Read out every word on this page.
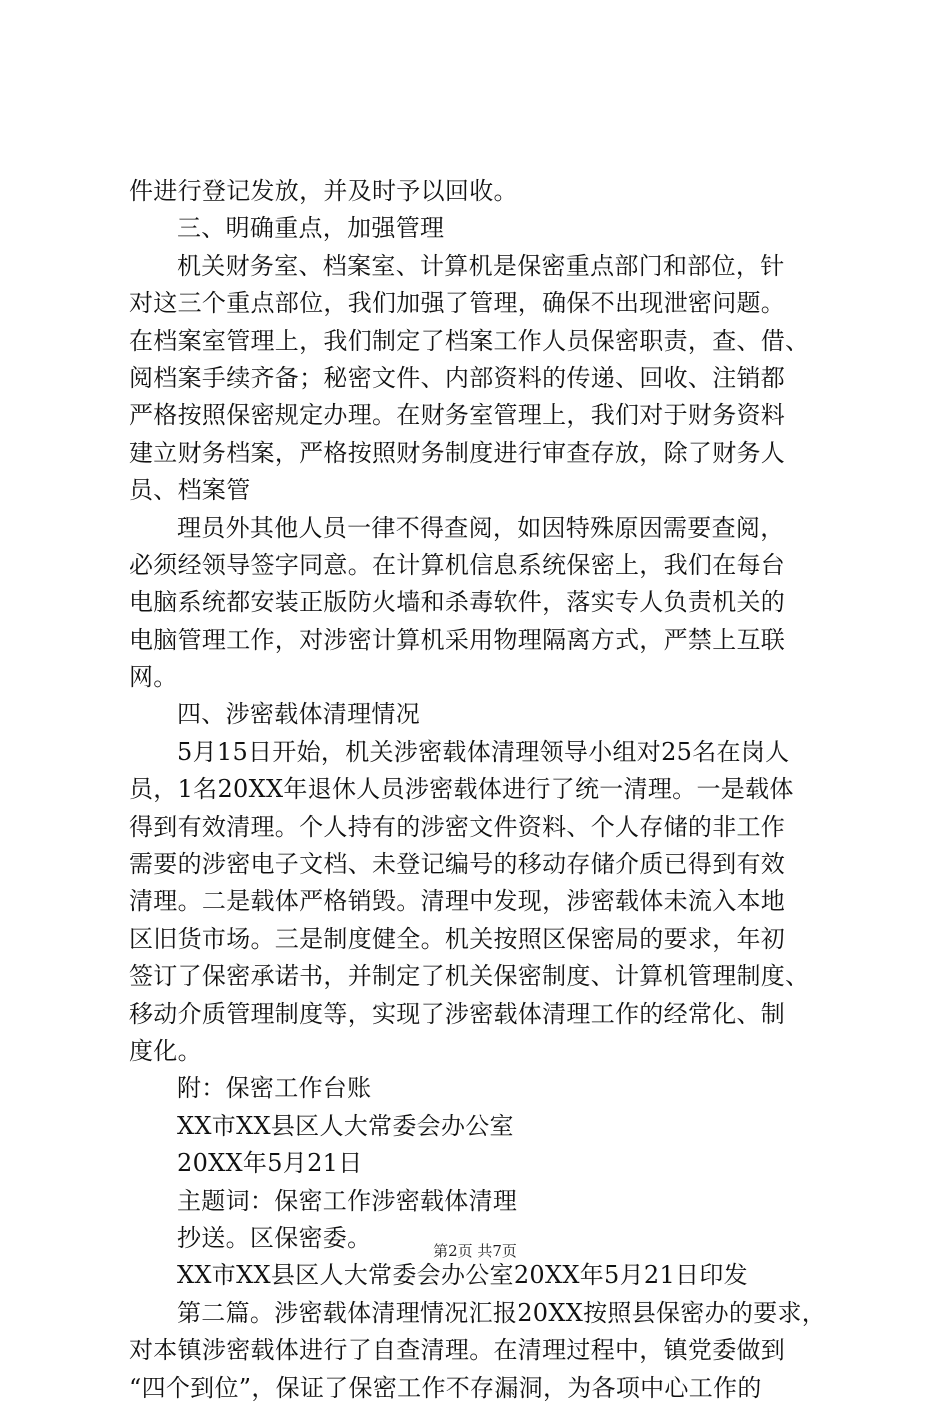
件进行登记发放，并及时予以回收。
三、明确重点，加强管理
机关财务室、档案室、计算机是保密重点部门和部位，针
对这三个重点部位，我们加强了管理，确保不出现泄密问题。
在档案室管理上，我们制定了档案工作人员保密职责，查、借、
阅档案手续齐备；秘密文件、内部资料的传递、回收、注销都
严格按照保密规定办理。在财务室管理上，我们对于财务资料
建立财务档案，严格按照财务制度进行审查存放，除了财务人
员、档案管
理员外其他人员一律不得查阅，如因特殊原因需要查阅，
必须经领导签字同意。在计算机信息系统保密上，我们在每台
电脑系统都安装正版防火墙和杀毒软件，落实专人负责机关的
电脑管理工作，对涉密计算机采用物理隔离方式，严禁上互联
网。
四、涉密载体清理情况
5月15日开始，机关涉密载体清理领导小组对25名在岗人
员，1名20XX年退休人员涉密载体进行了统一清理。一是载体
得到有效清理。个人持有的涉密文件资料、个人存储的非工作
需要的涉密电子文档、未登记编号的移动存储介质已得到有效
清理。二是载体严格销毁。清理中发现，涉密载体未流入本地
区旧货市场。三是制度健全。机关按照区保密局的要求，年初
签订了保密承诺书，并制定了机关保密制度、计算机管理制度、
移动介质管理制度等，实现了涉密载体清理工作的经常化、制
度化。
附：保密工作台账
XX市XX县区人大常委会办公室
20XX年5月21日
主题词：保密工作涉密载体清理
抄送。区保密委。
XX市XX县区人大常委会办公室20XX年5月21日印发
第二篇。涉密载体清理情况汇报20XX按照县保密办的要求，
对本镇涉密载体进行了自查清理。在清理过程中，镇党委做到
“四个到位”，保证了保密工作不存漏洞，为各项中心工作的
第2页 共7页
